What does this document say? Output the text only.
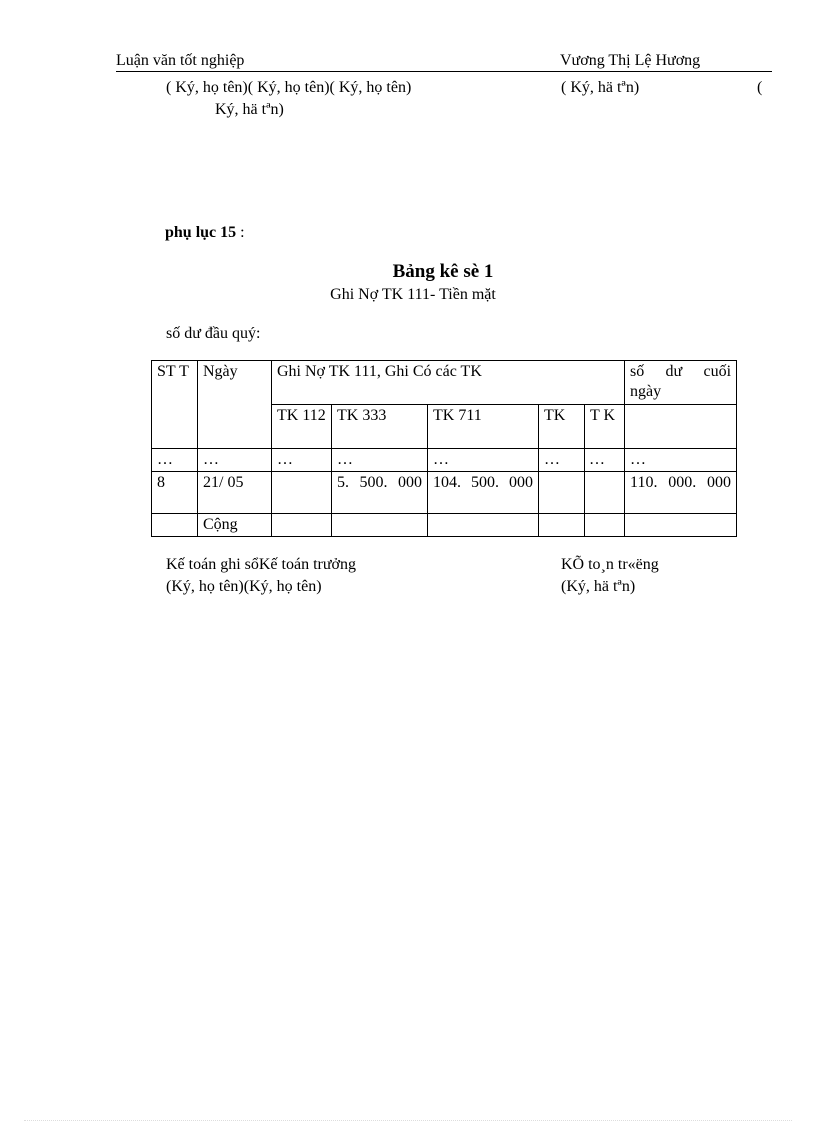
Luận văn tốt nghiệp	Vương Thị Lệ Hương
( Ký, họ tên)( Ký, họ tên)( Ký, họ tên)	( Ký, hä tªn)	(
Ký, hä tªn)
phụ lục 15 :
Bảng kê sè 1
Ghi Nợ TK 111- Tiền mặt
số dư đầu quý:
ST T	Ngày	Ghi Nợ TK 111, Ghi Có các TK					số dư cuối ngày

		TK 112	TK 333	TK 711	TK	T K	
…	…	…	…	…	…	…	…
8	21/ 05		5. 500. 000	104. 500. 000			110. 000. 000

	Cộng						
Kế toán ghi sổKế toán trưởng
(Ký, họ tên)(Ký, họ tên)
KÕ to¸n tr«ëng
(Ký, hä tªn)
